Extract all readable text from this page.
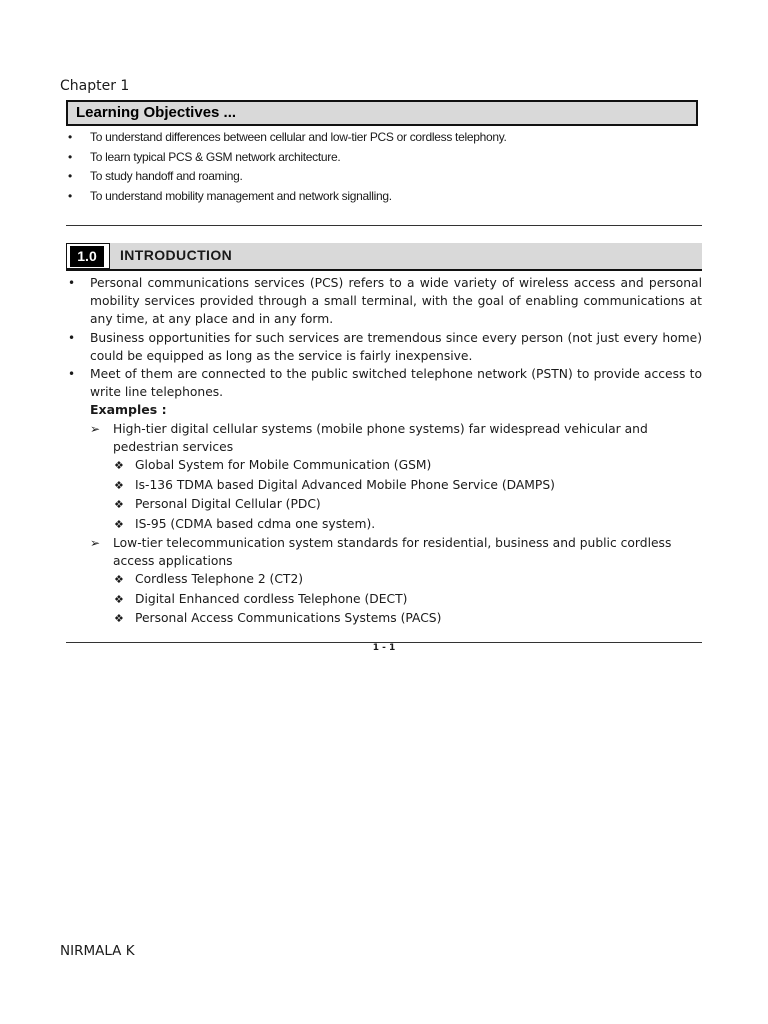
Chapter 1
Learning Objectives ...
• To understand differences between cellular and low-tier PCS or cordless telephony.
• To learn typical PCS & GSM network architecture.
• To study handoff and roaming.
• To understand mobility management and network signalling.
1.0	INTRODUCTION

• Personal communications services (PCS) refers to a wide variety of wireless access and personal mobility services provided through a small terminal, with the goal of enabling communications at any time, at any place and in any form.

• Business opportunities for such services are tremendous since every person (not just every home) could be equipped as long as the service is fairly inexpensive.

• Meet of them are connected to the public switched telephone network (PSTN) to provide access to write line telephones.

Examples :

➢ High-tier digital cellular systems (mobile phone systems) far widespread vehicular and pedestrian services

❖ Global System for Mobile Communication (GSM)

❖ Is-136 TDMA based Digital Advanced Mobile Phone Service (DAMPS)

❖ Personal Digital Cellular (PDC)

❖ IS-95 (CDMA based cdma one system).

➢ Low-tier telecommunication system standards for residential, business and public cordless access applications

❖ Cordless Telephone 2 (CT2)

❖ Digital Enhanced cordless Telephone (DECT)

❖ Personal Access Communications Systems (PACS)

1 - 1
NIRMALA K
